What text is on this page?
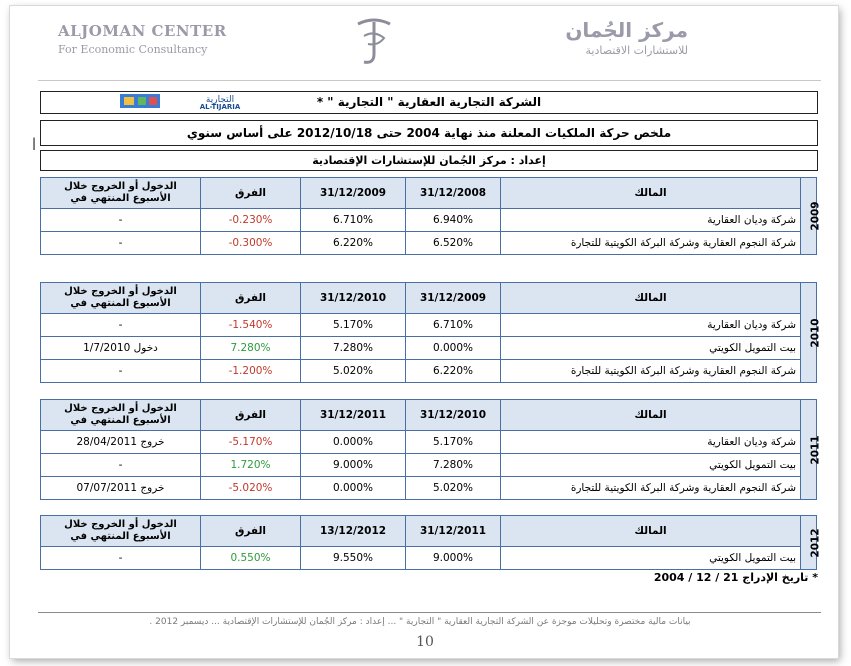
ALJOMAN CENTER
For Economic Consultancy
مركز الجُمان
للاستشارات الاقتصادية
الشركة التجارية العقارية " التجارية " *
التجارية
AL-TIJARIA
ملخص حركة الملكيات المعلنة منذ نهاية 2004 حتى 2012/10/18 على أساس سنوي
|
إعداد : مركز الجُمان للإستشارات الإقتصادية
الدخول أو الخروج خلال الأسبوع المنتهي في	الفرق	31/12/2009	31/12/2008	المالك	2009
-	-0.230%	6.710%	6.940%	شركة وديان العقارية	
-	-0.300%	6.220%	6.520%	شركة النجوم العقارية وشركة البركة الكويتية للتجارة	
الدخول أو الخروج خلال الأسبوع المنتهي في	الفرق	31/12/2010	31/12/2009	المالك	2010
-	-1.540%	5.170%	6.710%	شركة وديان العقارية	
دخول 1/7/2010	7.280%	7.280%	0.000%	بيت التمويل الكويتي	
-	-1.200%	5.020%	6.220%	شركة النجوم العقارية وشركة البركة الكويتية للتجارة	
الدخول أو الخروج خلال الأسبوع المنتهي في	الفرق	31/12/2011	31/12/2010	المالك	2011
خروج 28/04/2011	-5.170%	0.000%	5.170%	شركة وديان العقارية	
-	1.720%	9.000%	7.280%	بيت التمويل الكويتي	
خروج 07/07/2011	-5.020%	0.000%	5.020%	شركة النجوم العقارية وشركة البركة الكويتية للتجارة	
الدخول أو الخروج خلال الأسبوع المنتهي في	الفرق	13/12/2012	31/12/2011	المالك	2012
-	0.550%	9.550%	9.000%	بيت التمويل الكويتي	
* تاريخ الإدراج 21 / 12 / 2004
بيانات مالية مختصرة وتحليلات موجزة عن الشركة التجارية العقارية " التجارية " ... إعداد : مركز الجُمان للإستشارات الإقتصادية ... ديسمبر 2012 .
10
